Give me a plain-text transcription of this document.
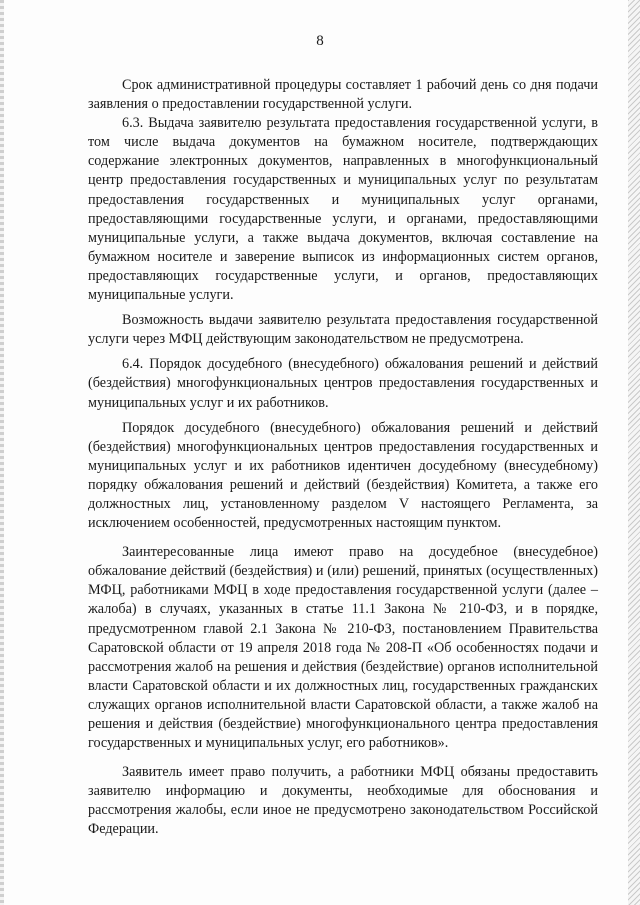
8

Срок административной процедуры составляет 1 рабочий день со дня подачи заявления о предоставлении государственной услуги.

6.3. Выдача заявителю результата предоставления государственной услуги, в том числе выдача документов на бумажном носителе, подтверждающих содержание электронных документов, направленных в многофункциональный центр предоставления государственных и муниципальных услуг по результатам предоставления государственных и муниципальных услуг органами, предоставляющими государственные услуги, и органами, предоставляющими муниципальные услуги, а также выдача документов, включая составление на бумажном носителе и заверение выписок из информационных систем органов, предоставляющих государственные услуги, и органов, предоставляющих муниципальные услуги.

Возможность выдачи заявителю результата предоставления государственной услуги через МФЦ действующим законодательством не предусмотрена.

6.4. Порядок досудебного (внесудебного) обжалования решений и действий (бездействия) многофункциональных центров предоставления государственных и муниципальных услуг и их работников.

Порядок досудебного (внесудебного) обжалования решений и действий (бездействия) многофункциональных центров предоставления государственных и муниципальных услуг и их работников идентичен досудебному (внесудебному) порядку обжалования решений и действий (бездействия) Комитета, а также его должностных лиц, установленному разделом V настоящего Регламента, за исключением особенностей, предусмотренных настоящим пунктом.

Заинтересованные лица имеют право на досудебное (внесудебное) обжалование действий (бездействия) и (или) решений, принятых (осуществленных) МФЦ, работниками МФЦ в ходе предоставления государственной услуги (далее – жалоба) в случаях, указанных в статье 11.1 Закона № 210-ФЗ, и в порядке, предусмотренном главой 2.1 Закона № 210-ФЗ, постановлением Правительства Саратовской области от 19 апреля 2018 года № 208-П «Об особенностях подачи и рассмотрения жалоб на решения и действия (бездействие) органов исполнительной власти Саратовской области и их должностных лиц, государственных гражданских служащих органов исполнительной власти Саратовской области, а также жалоб на решения и действия (бездействие) многофункционального центра предоставления государственных и муниципальных услуг, его работников».

Заявитель имеет право получить, а работники МФЦ обязаны предоставить заявителю информацию и документы, необходимые для обоснования и рассмотрения жалобы, если иное не предусмотрено законодательством Российской Федерации.
